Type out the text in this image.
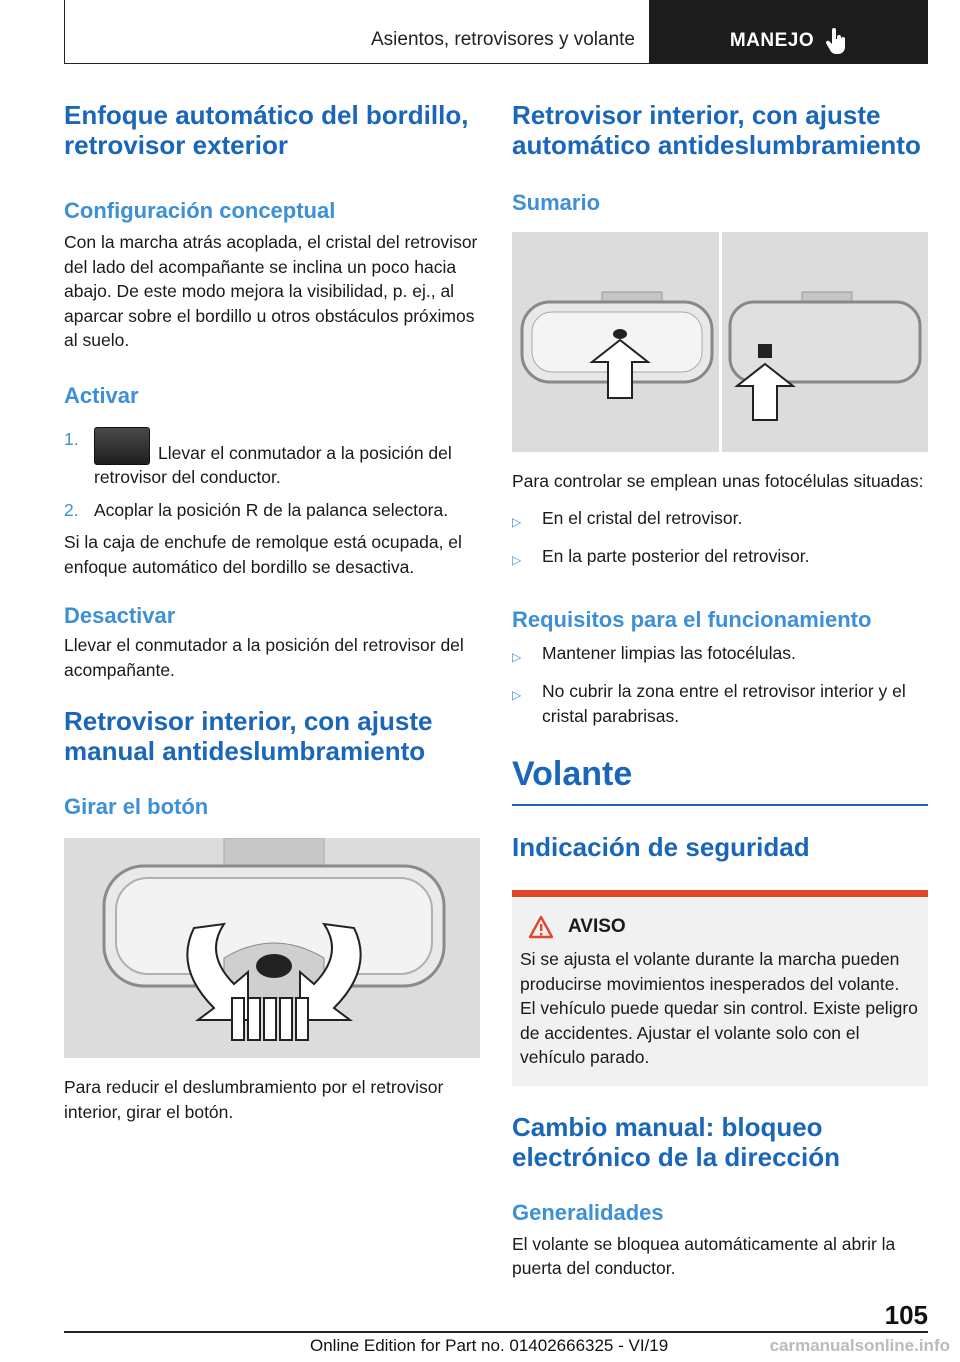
Asientos, retrovisores y volante	MANEJO
Enfoque automático del bordillo, retrovisor exterior
Configuración conceptual
Con la marcha atrás acoplada, el cristal del retrovisor del lado del acompañante se inclina un poco hacia abajo. De este modo mejora la visibilidad, p. ej., al aparcar sobre el bordillo u otros obstáculos próximos al suelo.
Activar
1.
Llevar el conmutador a la posición del retrovisor del conductor.
2. Acoplar la posición R de la palanca selectora.
Si la caja de enchufe de remolque está ocupada, el enfoque automático del bordillo se desactiva.
Desactivar
Llevar el conmutador a la posición del retrovisor del acompañante.
Retrovisor interior, con ajuste manual antideslumbramiento
Girar el botón
Para reducir el deslumbramiento por el retrovisor interior, girar el botón.
Retrovisor interior, con ajuste automático antideslumbramiento
Sumario
Para controlar se emplean unas fotocélulas situadas:
▷	En el cristal del retrovisor.
▷	En la parte posterior del retrovisor.
Requisitos para el funcionamiento
▷	Mantener limpias las fotocélulas.
▷	No cubrir la zona entre el retrovisor interior y el cristal parabrisas.
Volante
Indicación de seguridad
AVISO
Si se ajusta el volante durante la marcha pueden producirse movimientos inesperados del volante. El vehículo puede quedar sin control. Existe peligro de accidentes. Ajustar el volante solo con el vehículo parado.
Cambio manual: bloqueo electrónico de la dirección
Generalidades
El volante se bloquea automáticamente al abrir la puerta del conductor.
105
Online Edition for Part no. 01402666325 - VI/19	carmanualsonline.info
